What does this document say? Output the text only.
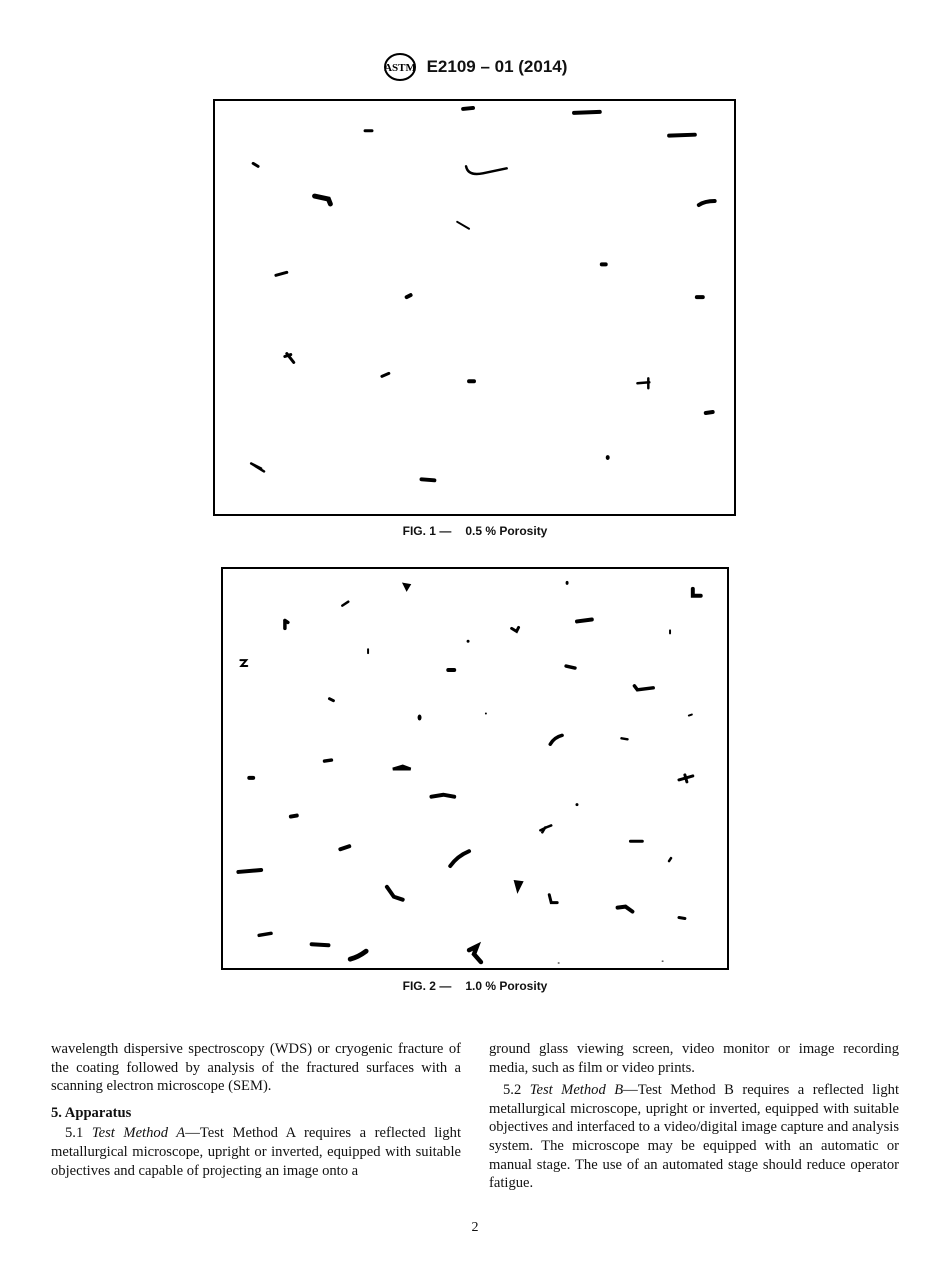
ASTM E2109 – 01 (2014)
FIG. 1 — 0.5 % Porosity
FIG. 2 — 1.0 % Porosity

wavelength dispersive spectroscopy (WDS) or cryogenic fracture of the coating followed by analysis of the fractured surfaces with a scanning electron microscope (SEM).

5. Apparatus

5.1 Test Method A—Test Method A requires a reflected light metallurgical microscope, upright or inverted, equipped with suitable objectives and capable of projecting an image onto a

ground glass viewing screen, video monitor or image recording media, such as film or video prints.

5.2 Test Method B—Test Method B requires a reflected light metallurgical microscope, upright or inverted, equipped with suitable objectives and interfaced to a video/digital image capture and analysis system. The microscope may be equipped with an automatic or manual stage. The use of an automated stage should reduce operator fatigue.

2
